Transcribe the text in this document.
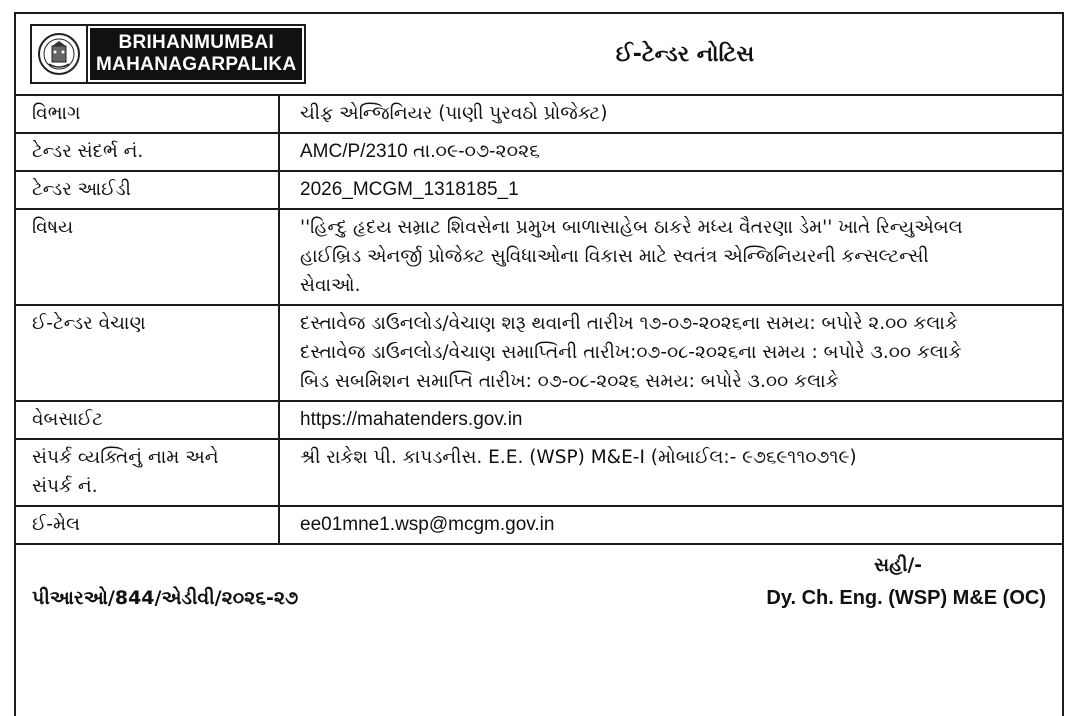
BRIHANMUMBAI
MAHANAGARPALIKA	ઈ-ટેન્ડર નોટિસ
વિભાગ	ચીફ એન્જિનિયર (પાણી પુરવઠો પ્રોજેક્ટ)
ટેન્ડર સંદર્ભ નં.	AMC/P/2310 તા.૦૯-૦૭-૨૦૨૬
ટેન્ડર આઈડી	2026_MCGM_1318185_1
વિષય	''હિન્દુ હૃદય સમ્રાટ શિવસેના પ્રમુખ બાળાસાહેબ ઠાકરે મધ્ય વૈતરણા ડેમ'' ખાતે રિન્યુએબલ
હાઈબ્રિડ એનર્જી પ્રોજેક્ટ સુવિધાઓના વિકાસ માટે સ્વતંત્ર એન્જિનિયરની કન્સલ્ટન્સી
સેવાઓ.

ઈ-ટેન્ડર વેચાણ	દસ્તાવેજ ડાઉનલોડ/વેચાણ શરૂ થવાની તારીખ ૧૭-૦૭-૨૦૨૬ના સમય: બપોરે ૨.૦૦ કલાકે
દસ્તાવેજ ડાઉનલોડ/વેચાણ સમાપ્તિની તારીખ:૦૭-૦૮-૨૦૨૬ના સમય : બપોરે ૩.૦૦ કલાકે
બિડ સબમિશન સમાપ્તિ તારીખ: ૦૭-૦૮-૨૦૨૬ સમય: બપોરે ૩.૦૦ કલાકે

વેબસાઈટ	https://mahatenders.gov.in

સંપર્ક વ્યક્તિનું નામ અને
સંપર્ક નં.	શ્રી રાકેશ પી. કાપડનીસ. E.E. (WSP) M&E-I (મોબાઈલ:- ૯૭૬૯૧૧૦૭૧૯)
ઈ-મેલ	ee01mne1.wsp@mcgm.gov.in
સહી/-
પીઆરઓ/844/એડીવી/૨૦૨૬-૨૭	Dy. Ch. Eng. (WSP) M&E (OC)
